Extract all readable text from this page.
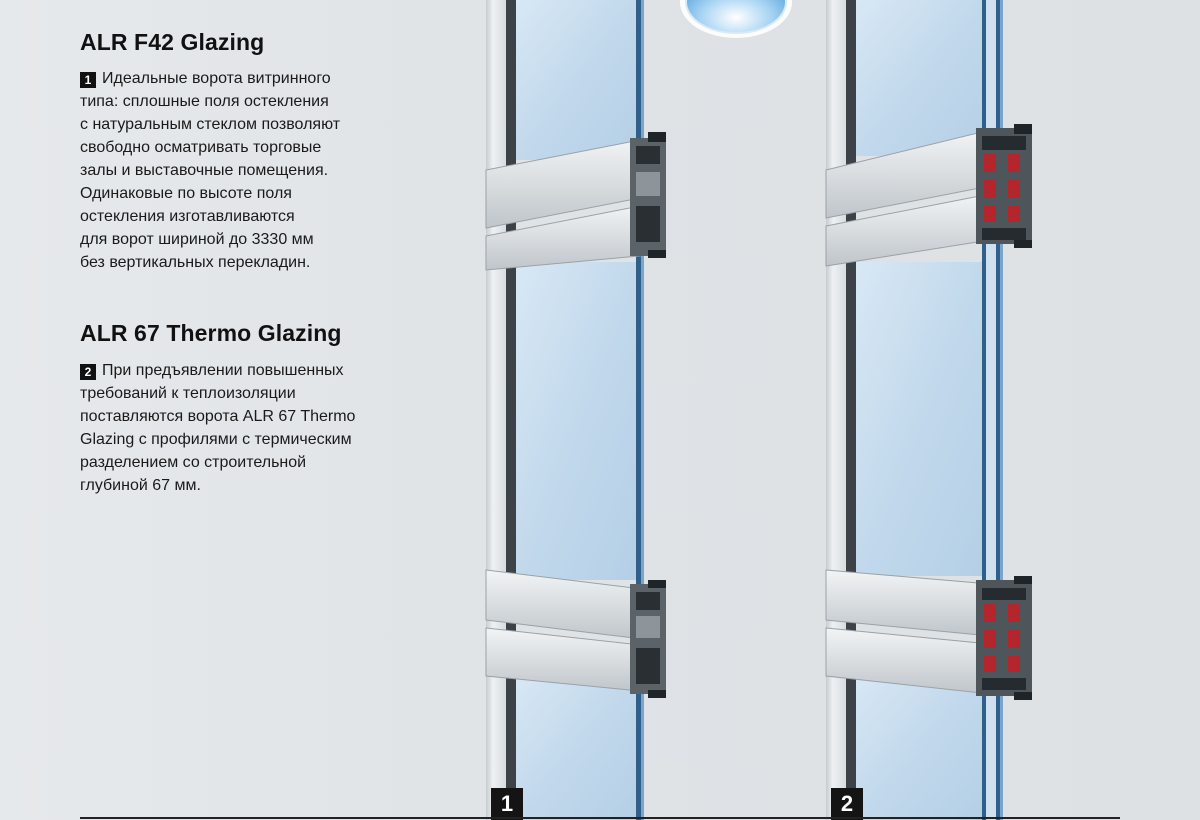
ALR F42 Glazing
1 Идеальные ворота витринного
типа: сплошные поля остекления
с натуральным стеклом позволяют
свободно осматривать торговые
залы и выставочные помещения.
Одинаковые по высоте поля
остекления изготавливаются
для ворот шириной до 3330 мм
без вертикальных перекладин.
ALR 67 Thermo Glazing
2 При предъявлении повышенных
требований к теплоизоляции
поставляются ворота ALR 67 Thermo
Glazing с профилями с термическим
разделением со строительной
глубиной 67 мм.
1	2
